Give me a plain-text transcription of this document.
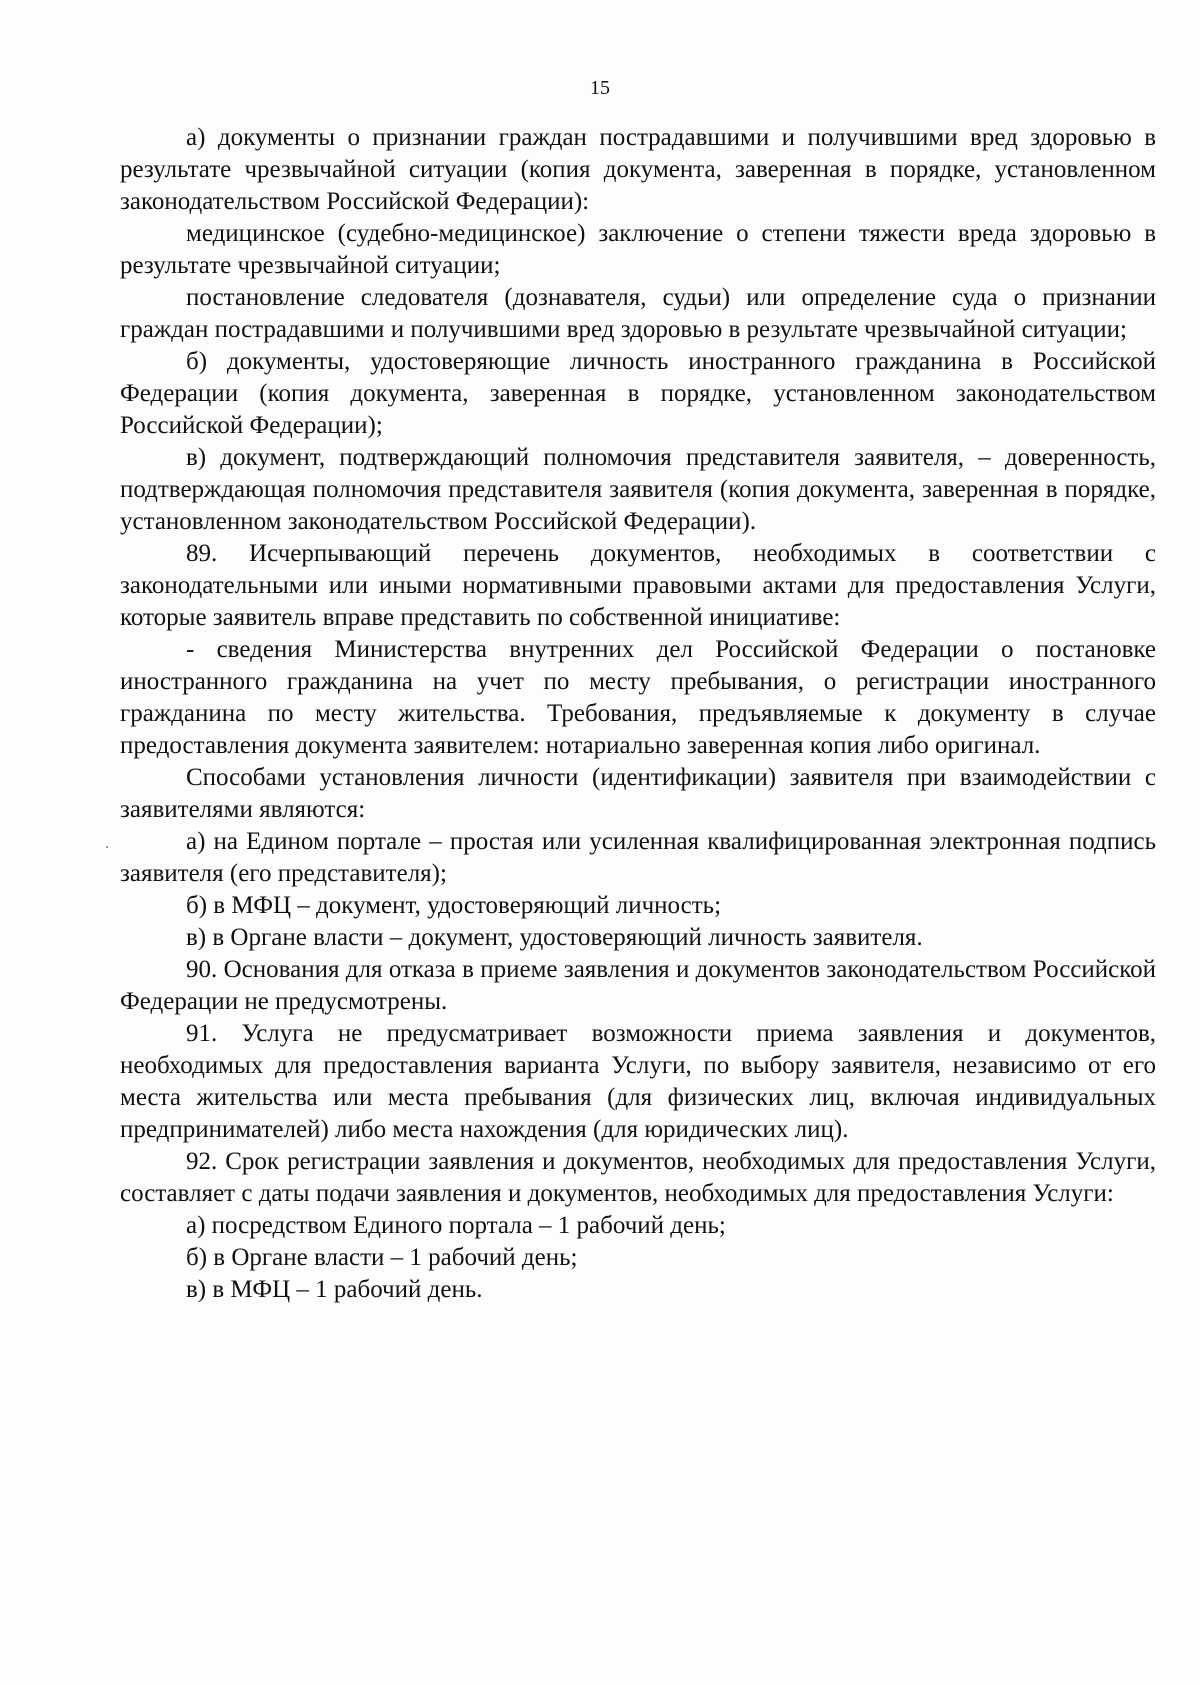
15

а) документы о признании граждан пострадавшими и получившими вред здоровью в результате чрезвычайной ситуации (копия документа, заверенная в порядке, установленном законодательством Российской Федерации):

медицинское (судебно-медицинское) заключение о степени тяжести вреда здоровью в результате чрезвычайной ситуации;

постановление следователя (дознавателя, судьи) или определение суда о признании граждан пострадавшими и получившими вред здоровью в результате чрезвычайной ситуации;

б) документы, удостоверяющие личность иностранного гражданина в Российской Федерации (копия документа, заверенная в порядке, установленном законодательством Российской Федерации);

в) документ, подтверждающий полномочия представителя заявителя, – доверенность, подтверждающая полномочия представителя заявителя (копия документа, заверенная в порядке, установленном законодательством Российской Федерации).

89. Исчерпывающий перечень документов, необходимых в соответствии с законодательными или иными нормативными правовыми актами для предоставления Услуги, которые заявитель вправе представить по собственной инициативе:

- сведения Министерства внутренних дел Российской Федерации о постановке иностранного гражданина на учет по месту пребывания, о регистрации иностранного гражданина по месту жительства. Требования, предъявляемые к документу в случае предоставления документа заявителем: нотариально заверенная копия либо оригинал.

Способами установления личности (идентификации) заявителя при взаимодействии с заявителями являются:

а) на Едином портале – простая или усиленная квалифицированная электронная подпись заявителя (его представителя);

б) в МФЦ – документ, удостоверяющий личность;

в) в Органе власти – документ, удостоверяющий личность заявителя.

90. Основания для отказа в приеме заявления и документов законодательством Российской Федерации не предусмотрены.

91. Услуга не предусматривает возможности приема заявления и документов, необходимых для предоставления варианта Услуги, по выбору заявителя, независимо от его места жительства или места пребывания (для физических лиц, включая индивидуальных предпринимателей) либо места нахождения (для юридических лиц).

92. Срок регистрации заявления и документов, необходимых для предоставления Услуги, составляет с даты подачи заявления и документов, необходимых для предоставления Услуги:

а) посредством Единого портала – 1 рабочий день;

б) в Органе власти – 1 рабочий день;

в) в МФЦ – 1 рабочий день.
